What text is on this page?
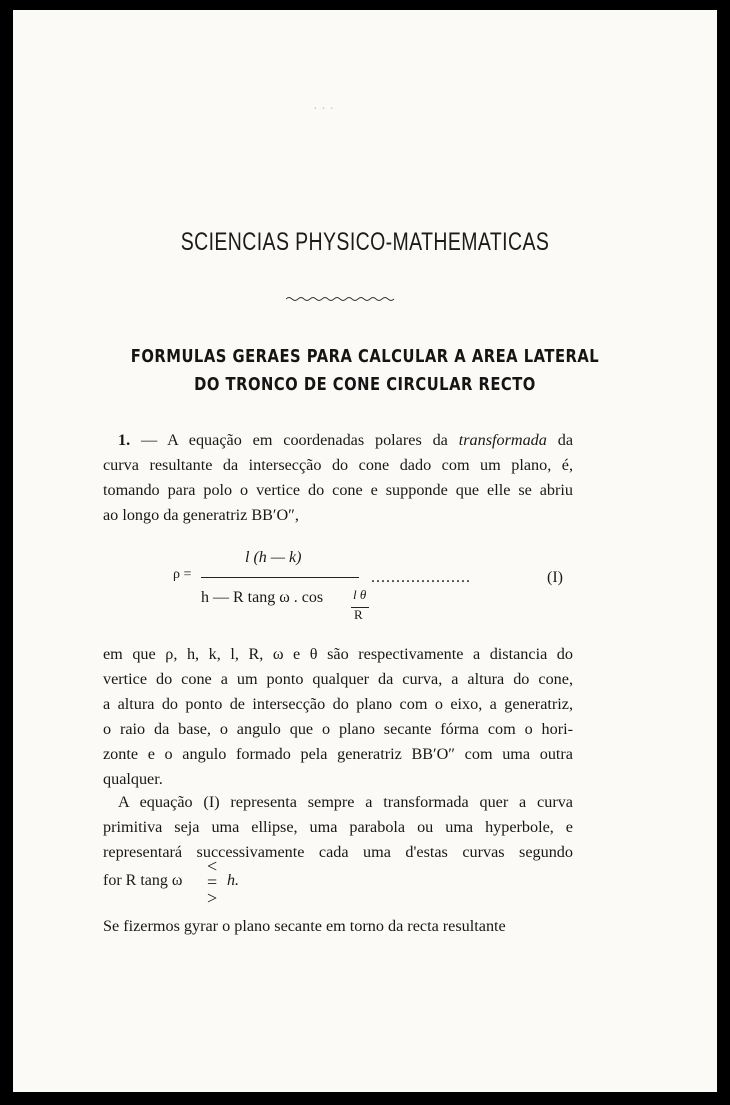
· · ·
SCIENCIAS PHYSICO-MATHEMATICAS
FORMULAS GERAES PARA CALCULAR A AREA LATERAL
DO TRONCO DE CONE CIRCULAR RECTO
1. — A equação em coordenadas polares da transformada da
curva resultante da intersecção do cone dado com um plano, é,
tomando para polo o vertice do cone e supponde que elle se abriu
ao longo da generatriz BB′O″,
ρ =
l (h — k)
h — R tang ω . cos l θ
R
....................	(I)
em que ρ, h, k, l, R, ω e θ são respectivamente a distancia do
vertice do cone a um ponto qualquer da curva, a altura do cone,
a altura do ponto de intersecção do plano com o eixo, a generatriz,
o raio da base, o angulo que o plano secante fórma com o hori-
zonte e o angulo formado pela generatriz BB′O″ com uma outra
qualquer.
A equação (I) representa sempre a transformada quer a curva
primitiva seja uma ellipse, uma parabola ou uma hyperbole, e
representará successivamente cada uma d'estas curvas segundo
for R tang ω
<
=
>
h.
Se fizermos gyrar o plano secante em torno da recta resultante
